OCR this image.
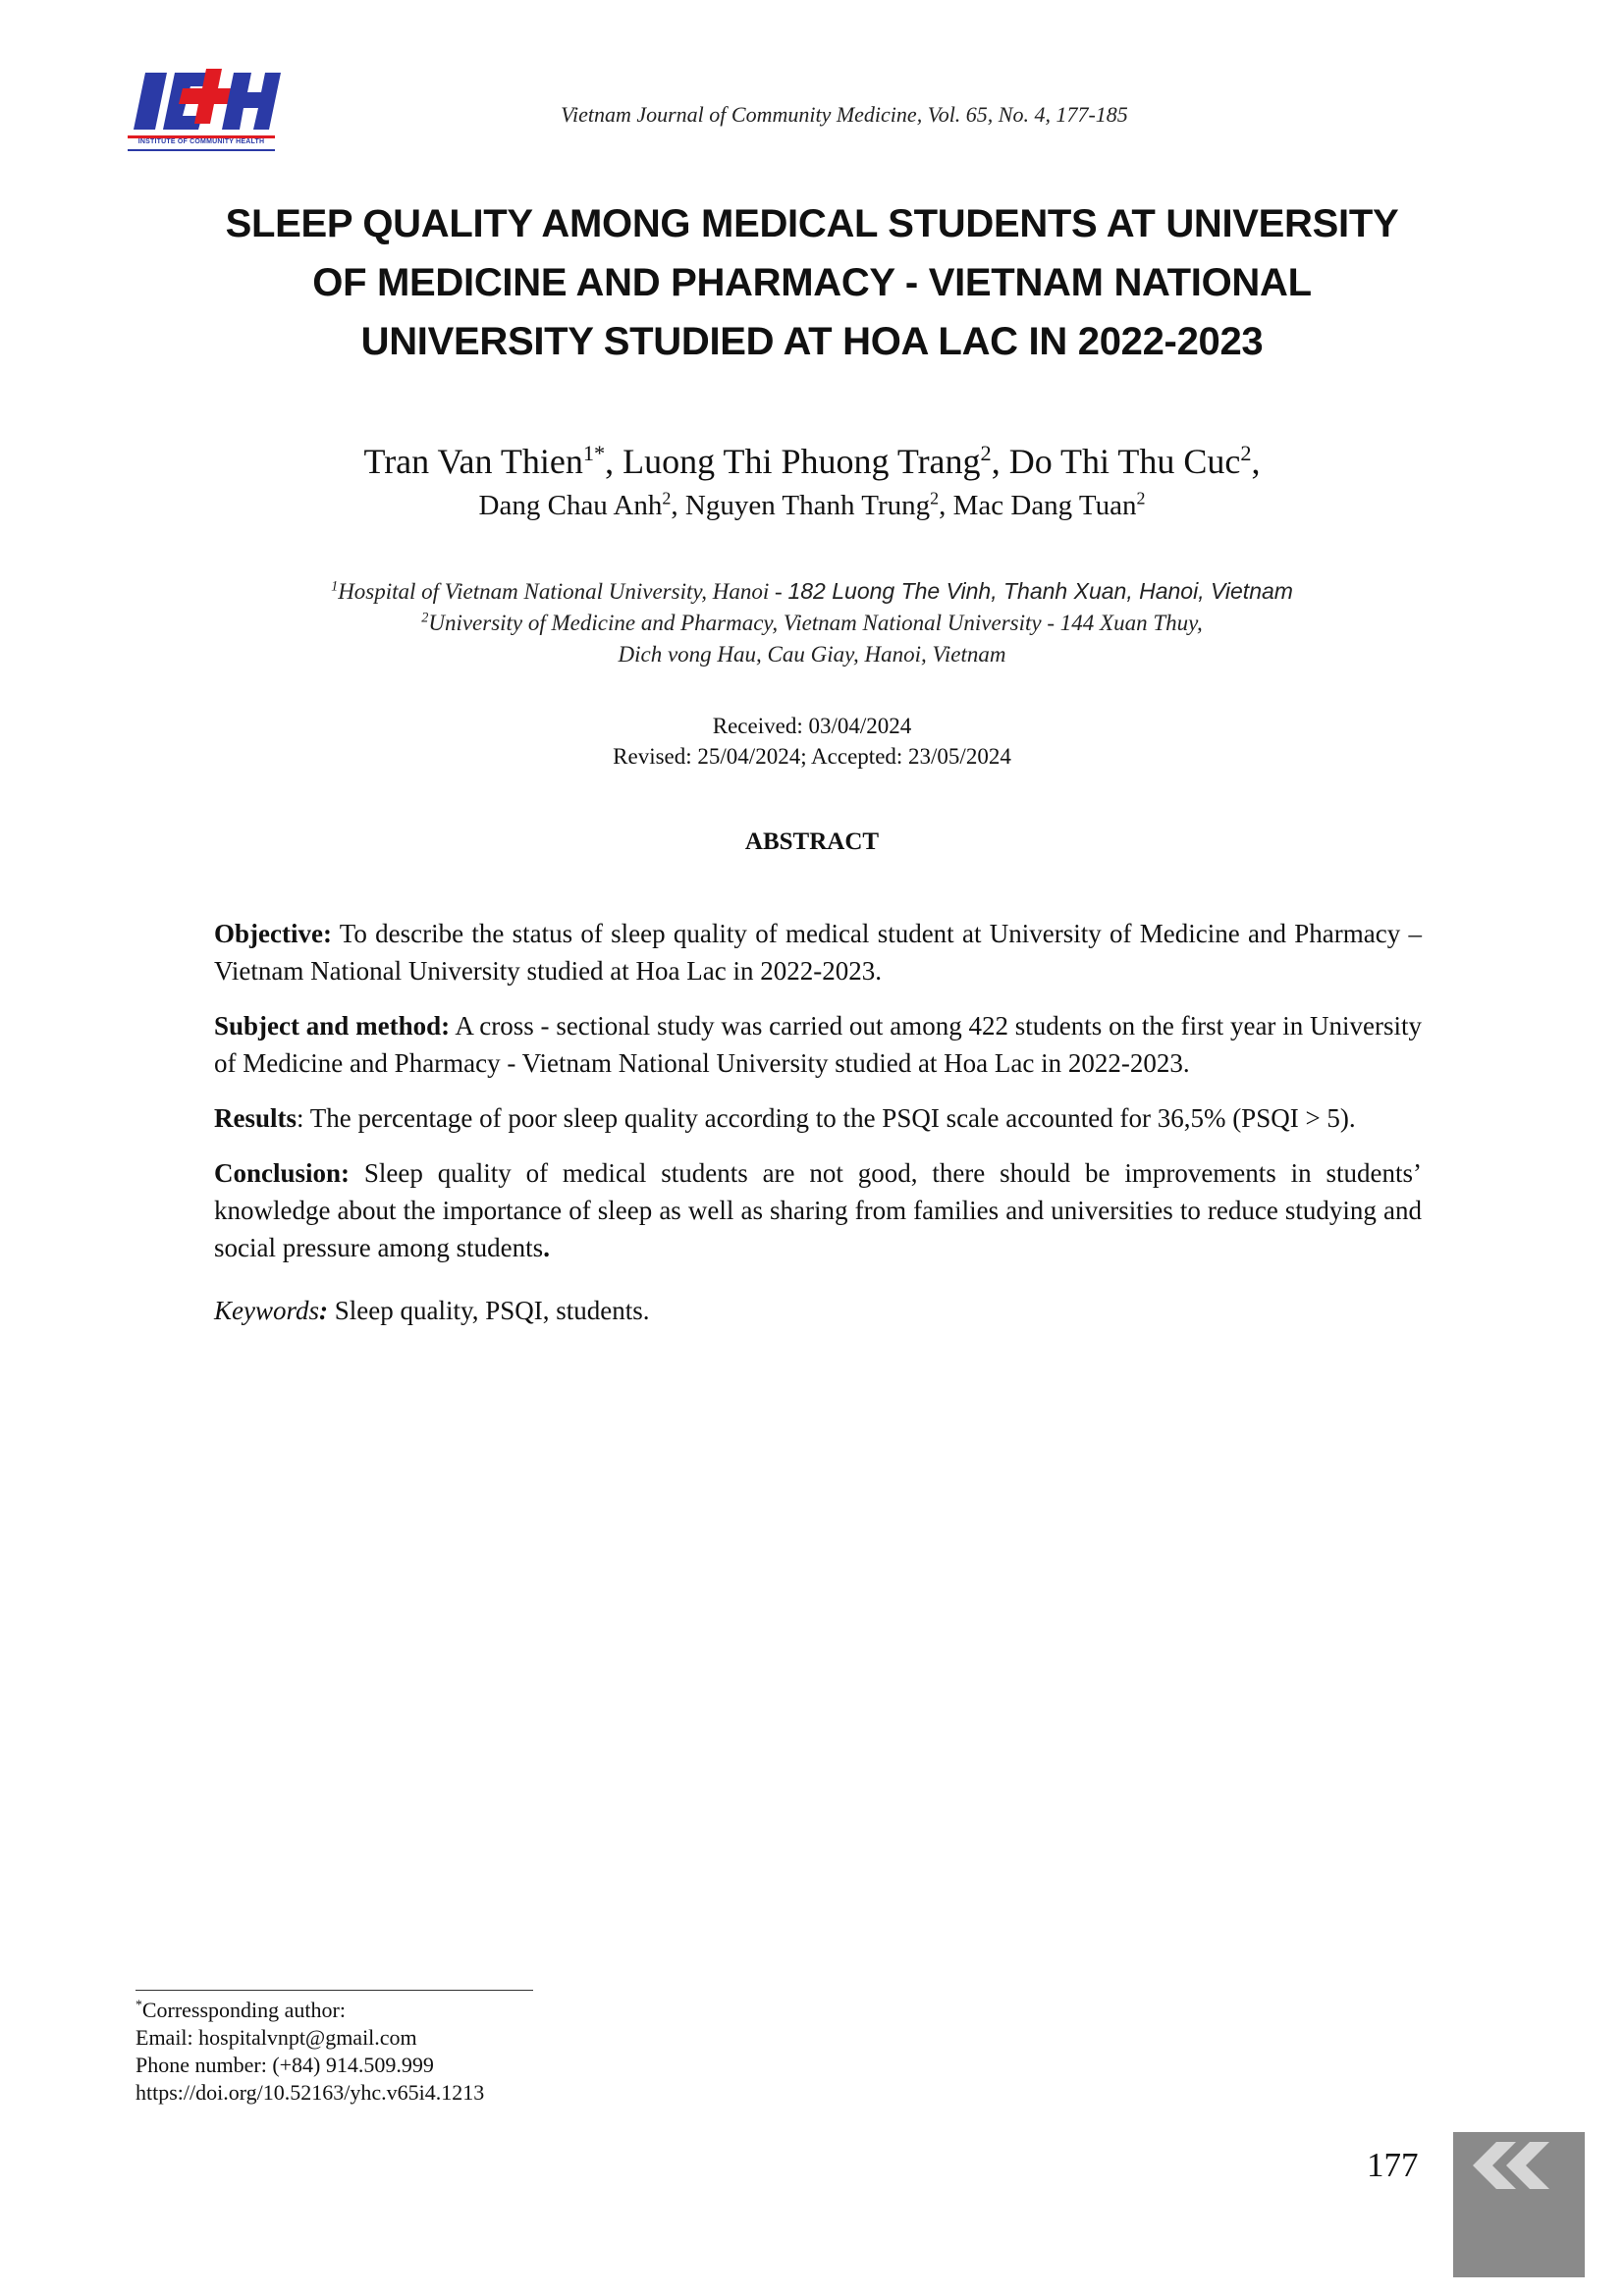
INSTITUTE OF COMMUNITY HEALTH
Vietnam Journal of Community Medicine, Vol. 65, No. 4, 177-185
SLEEP QUALITY AMONG MEDICAL STUDENTS AT UNIVERSITY
OF MEDICINE AND PHARMACY - VIETNAM NATIONAL
UNIVERSITY STUDIED AT HOA LAC IN 2022-2023
Tran Van Thien$^{1*}$, Luong Thi Phuong Trang$^2$, Do Thi Thu Cuc$^2$,
Dang Chau Anh$^2$, Nguyen Thanh Trung$^2$, Mac Dang Tuan$^2$
$^1$Hospital of Vietnam National University, Hanoi - 182 Luong The Vinh, Thanh Xuan, Hanoi, Vietnam
$^2$University of Medicine and Pharmacy, Vietnam National University - 144 Xuan Thuy,
Dich vong Hau, Cau Giay, Hanoi, Vietnam
Received: 03/04/2024
Revised: 25/04/2024; Accepted: 23/05/2024
ABSTRACT

Objective: To describe the status of sleep quality of medical student at University of Medicine and Pharmacy – Vietnam National University studied at Hoa Lac in 2022-2023.

Subject and method: A cross - sectional study was carried out among 422 students on the first year in University of Medicine and Pharmacy - Vietnam National University studied at Hoa Lac in 2022-2023.

Results: The percentage of poor sleep quality according to the PSQI scale accounted for 36,5% (PSQI > 5).

Conclusion: Sleep quality of medical students are not good, there should be improvements in students’ knowledge about the importance of sleep as well as sharing from families and universities to reduce studying and social pressure among students.

Keywords: Sleep quality, PSQI, students.

*Corressponding author:
Email: hospitalvnpt@gmail.com
Phone number: (+84) 914.509.999
https://doi.org/10.52163/yhc.v65i4.1213
177
